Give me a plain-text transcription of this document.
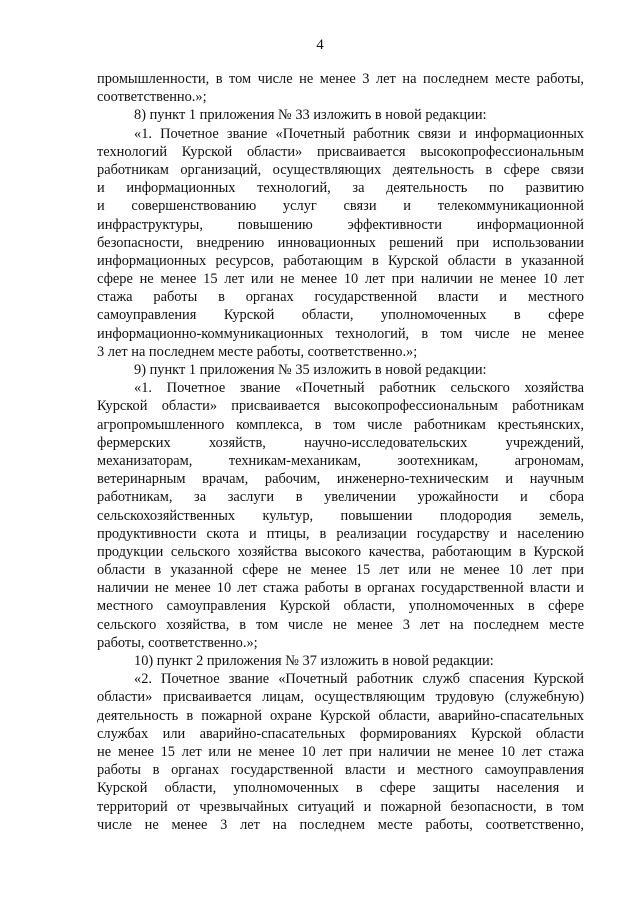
4
промышленности, в том числе не менее 3 лет на последнем месте работы,
соответственно.»;
8) пункт 1 приложения № 33 изложить в новой редакции:
«1. Почетное звание «Почетный работник связи и информационных
технологий Курской области» присваивается высокопрофессиональным
работникам организаций, осуществляющих деятельность в сфере связи
и информационных технологий, за деятельность по развитию
и совершенствованию услуг связи и телекоммуникационной
инфраструктуры, повышению эффективности информационной
безопасности, внедрению инновационных решений при использовании
информационных ресурсов, работающим в Курской области в указанной
сфере не менее 15 лет или не менее 10 лет при наличии не менее 10 лет
стажа работы в органах государственной власти и местного
самоуправления Курской области, уполномоченных в сфере
информационно-коммуникационных технологий, в том числе не менее
3 лет на последнем месте работы, соответственно.»;
9) пункт 1 приложения № 35 изложить в новой редакции:
«1. Почетное звание «Почетный работник сельского хозяйства
Курской области» присваивается высокопрофессиональным работникам
агропромышленного комплекса, в том числе работникам крестьянских,
фермерских хозяйств, научно-исследовательских учреждений,
механизаторам, техникам-механикам, зоотехникам, агрономам,
ветеринарным врачам, рабочим, инженерно-техническим и научным
работникам, за заслуги в увеличении урожайности и сбора
сельскохозяйственных культур, повышении плодородия земель,
продуктивности скота и птицы, в реализации государству и населению
продукции сельского хозяйства высокого качества, работающим в Курской
области в указанной сфере не менее 15 лет или не менее 10 лет при
наличии не менее 10 лет стажа работы в органах государственной власти и
местного самоуправления Курской области, уполномоченных в сфере
сельского хозяйства, в том числе не менее 3 лет на последнем месте
работы, соответственно.»;
10) пункт 2 приложения № 37 изложить в новой редакции:
«2. Почетное звание «Почетный работник служб спасения Курской
области» присваивается лицам, осуществляющим трудовую (служебную)
деятельность в пожарной охране Курской области, аварийно-спасательных
службах или аварийно-спасательных формированиях Курской области
не менее 15 лет или не менее 10 лет при наличии не менее 10 лет стажа
работы в органах государственной власти и местного самоуправления
Курской области, уполномоченных в сфере защиты населения и
территорий от чрезвычайных ситуаций и пожарной безопасности, в том
числе не менее 3 лет на последнем месте работы, соответственно,
